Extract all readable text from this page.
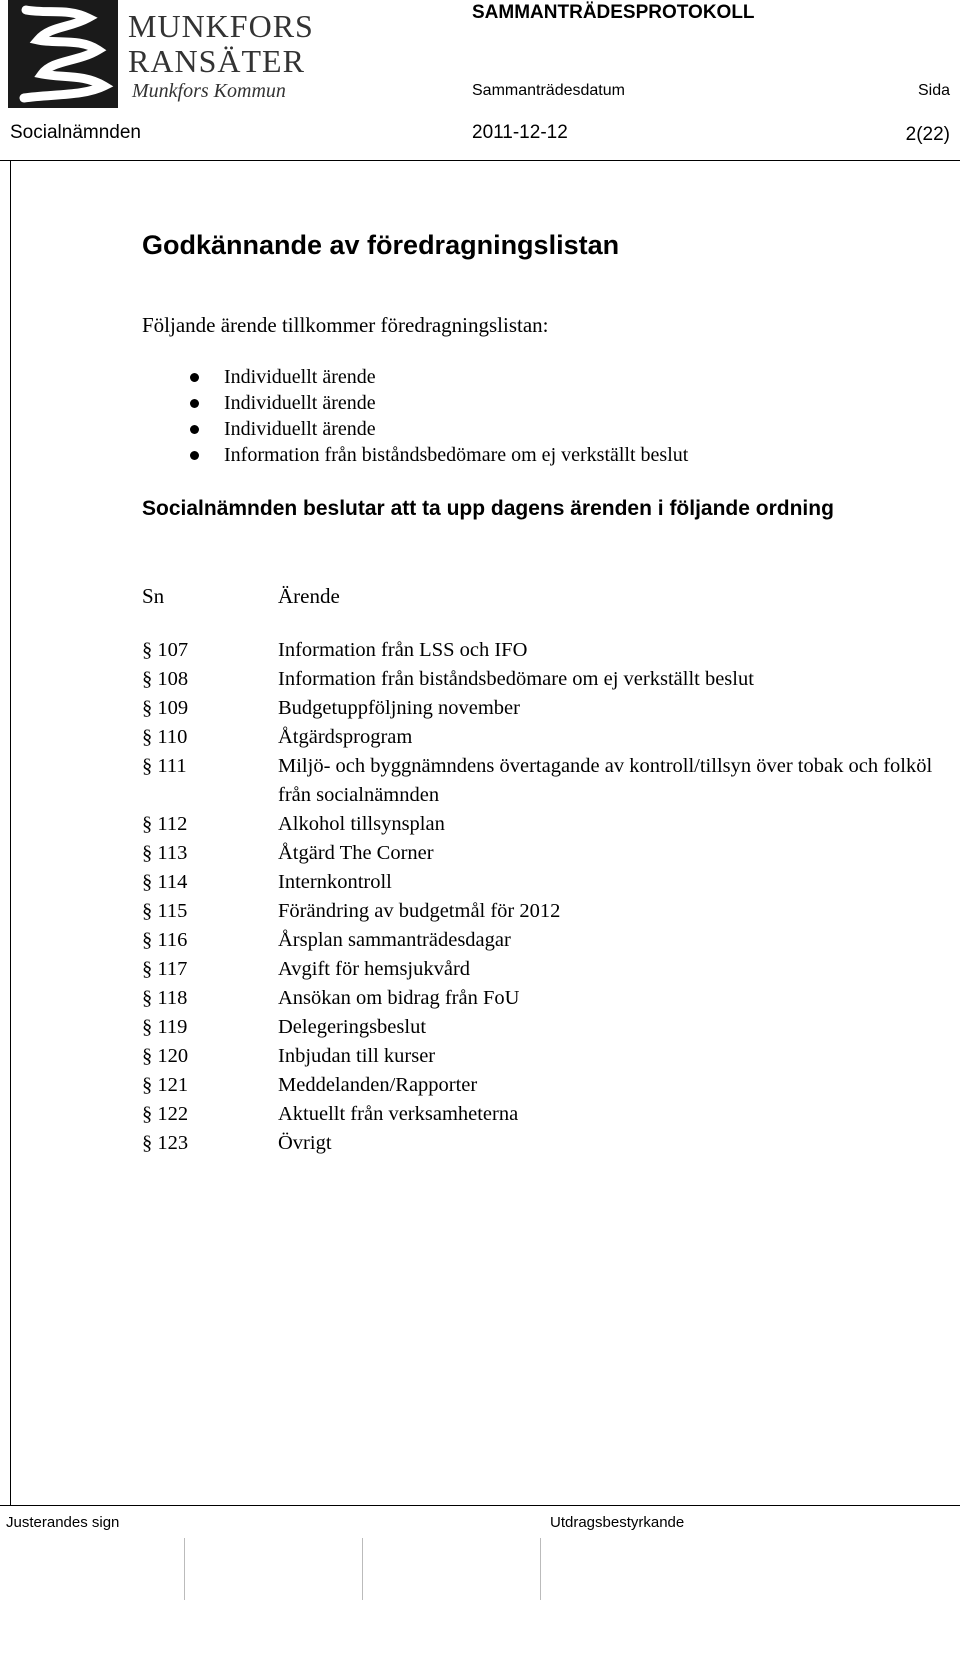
MUNKFORS
RANSÄTER
Munkfors Kommun
SAMMANTRÄDESPROTOKOLL
Sammanträdesdatum	Sida
Socialnämnden	2011-12-12	2(22)
Godkännande av föredragningslistan
Följande ärende tillkommer föredragningslistan:
Individuellt ärende
Individuellt ärende
Individuellt ärende
Information från biståndsbedömare om ej verkställt beslut
Socialnämnden beslutar att ta upp dagens ärenden i följande ordning
Sn	Ärende
§ 107	Information från LSS och IFO
§ 108	Information från biståndsbedömare om ej verkställt beslut
§ 109	Budgetuppföljning november
§ 110	Åtgärdsprogram
§ 111	Miljö- och byggnämndens övertagande av kontroll/tillsyn över tobak och folköl från socialnämnden
§ 112	Alkohol tillsynsplan
§ 113	Åtgärd The Corner
§ 114	Internkontroll
§ 115	Förändring av budgetmål för 2012
§ 116	Årsplan sammanträdesdagar
§ 117	Avgift för hemsjukvård
§ 118	Ansökan om bidrag från FoU
§ 119	Delegeringsbeslut
§ 120	Inbjudan till kurser
§ 121	Meddelanden/Rapporter
§ 122	Aktuellt från verksamheterna
§ 123	Övrigt
Justerandes sign	Utdragsbestyrkande
